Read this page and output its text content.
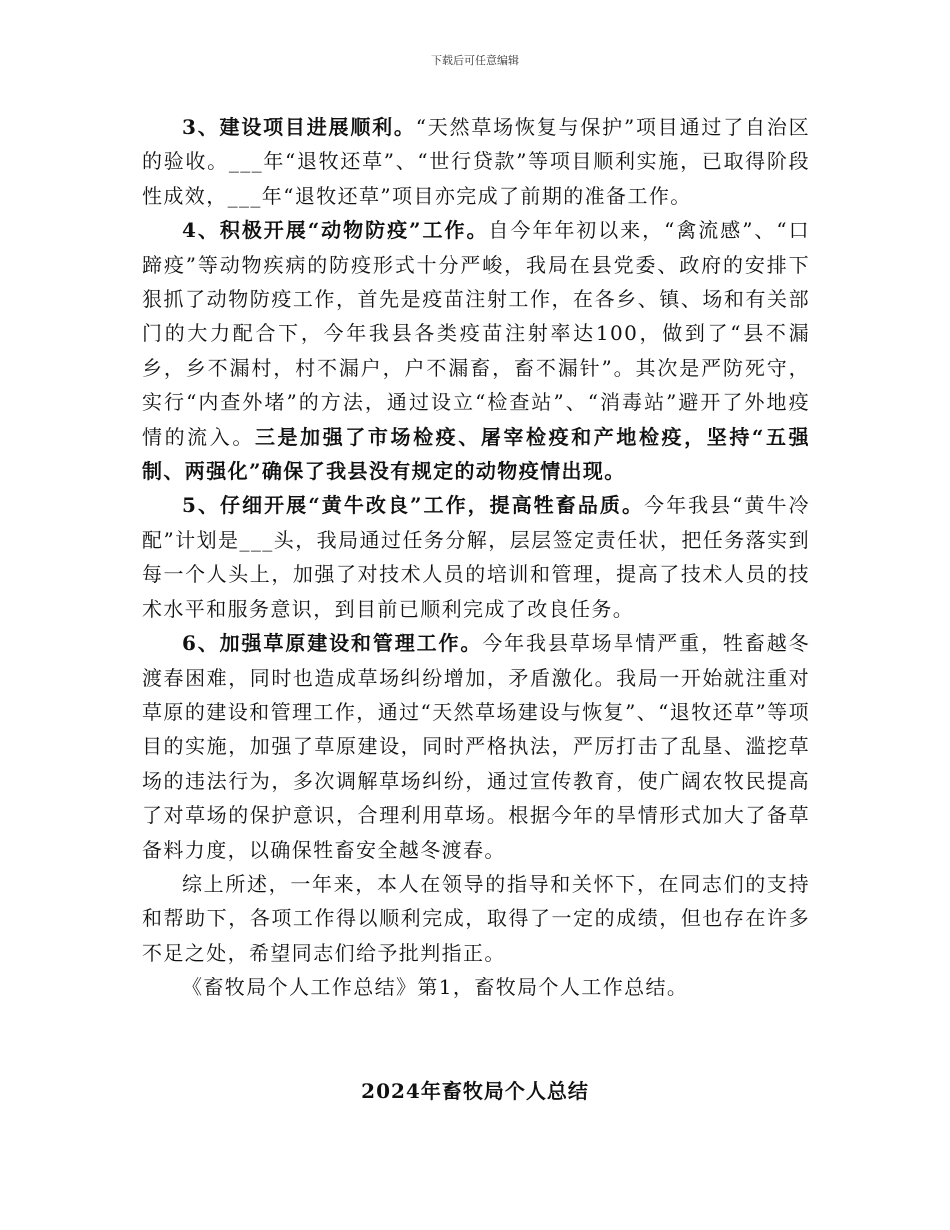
下载后可任意编辑

3、建设项目进展顺利。“天然草场恢复与保护”项目通过了自治区的验收。___年“退牧还草”、“世行贷款”等项目顺利实施，已取得阶段性成效，___年“退牧还草”项目亦完成了前期的准备工作。

4、积极开展“动物防疫”工作。自今年年初以来，“禽流感”、“口蹄疫”等动物疾病的防疫形式十分严峻，我局在县党委、政府的安排下狠抓了动物防疫工作，首先是疫苗注射工作，在各乡、镇、场和有关部门的大力配合下，今年我县各类疫苗注射率达100，做到了“县不漏乡，乡不漏村，村不漏户，户不漏畜，畜不漏针”。其次是严防死守，实行“内查外堵”的方法，通过设立“检查站”、“消毒站”避开了外地疫情的流入。三是加强了市场检疫、屠宰检疫和产地检疫，坚持“五强制、两强化”确保了我县没有规定的动物疫情出现。

5、仔细开展“黄牛改良”工作，提高牲畜品质。今年我县“黄牛冷配”计划是___头，我局通过任务分解，层层签定责任状，把任务落实到每一个人头上，加强了对技术人员的培训和管理，提高了技术人员的技术水平和服务意识，到目前已顺利完成了改良任务。

6、加强草原建设和管理工作。今年我县草场旱情严重，牲畜越冬渡春困难，同时也造成草场纠纷增加，矛盾激化。我局一开始就注重对草原的建设和管理工作，通过“天然草场建设与恢复”、“退牧还草”等项目的实施，加强了草原建设，同时严格执法，严厉打击了乱垦、滥挖草场的违法行为，多次调解草场纠纷，通过宣传教育，使广阔农牧民提高了对草场的保护意识，合理利用草场。根据今年的旱情形式加大了备草备料力度，以确保牲畜安全越冬渡春。

综上所述，一年来，本人在领导的指导和关怀下，在同志们的支持和帮助下，各项工作得以顺利完成，取得了一定的成绩，但也存在许多不足之处，希望同志们给予批判指正。

《畜牧局个人工作总结》第1，畜牧局个人工作总结。

2024年畜牧局个人总结
